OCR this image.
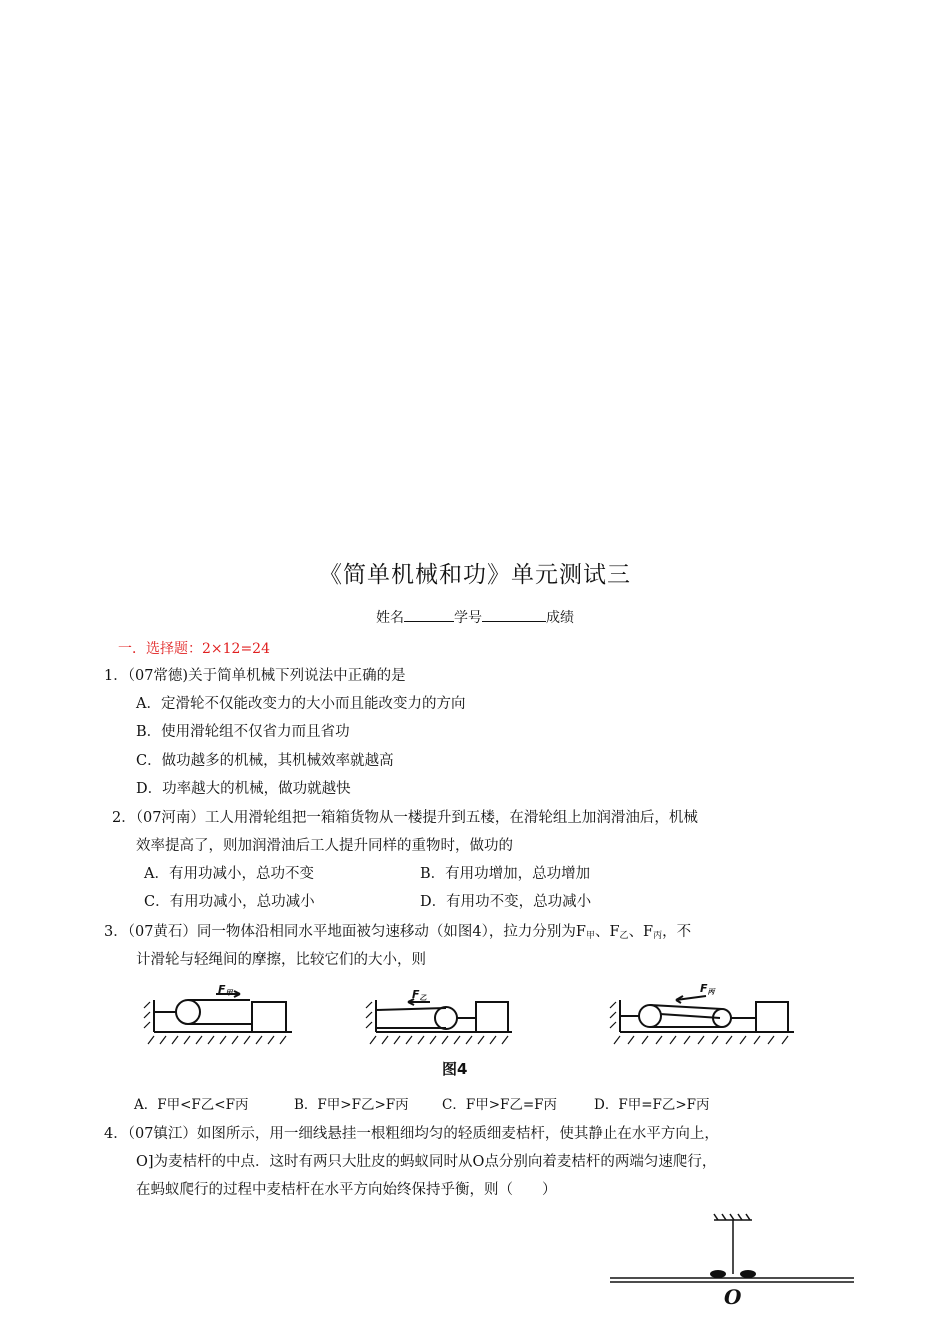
《简单机械和功》单元测试三
姓名	学号	成绩
一．选择题：2×12=24
1．（07常德)关于简单机械下列说法中正确的是
A．定滑轮不仅能改变力的大小而且能改变力的方向
B．使用滑轮组不仅省力而且省功
C．做功越多的机械，其机械效率就越高
D．功率越大的机械，做功就越快
2．（07河南）工人用滑轮组把一箱箱货物从一楼提升到五楼，在滑轮组上加润滑油后，机械
效率提高了，则加润滑油后工人提升同样的重物时，做功的
A．有用功减小，总功不变	B．有用功增加，总功增加
C．有用功减小，总功减小	D．有用功不变，总功减小
3．（07黄石）同一物体沿相同水平地面被匀速移动（如图4），拉力分别为$F_甲$、$F_乙$、$F_丙$，不
计滑轮与轻绳间的摩擦，比较它们的大小，则
F甲	F乙
F丙
图4
A．F甲<F乙<F丙	B．F甲>F乙>F丙 C．F甲>F乙=F丙	D．F甲=F乙>F丙
4．（07镇江）如图所示，用一细线悬挂一根粗细均匀的轻质细麦桔杆，使其静止在水平方向上，
O]为麦桔杆的中点．这时有两只大肚皮的蚂蚁同时从O点分别向着麦桔杆的两端匀速爬行，
在蚂蚁爬行的过程中麦桔杆在水平方向始终保持乎衡，则（　　）
O
